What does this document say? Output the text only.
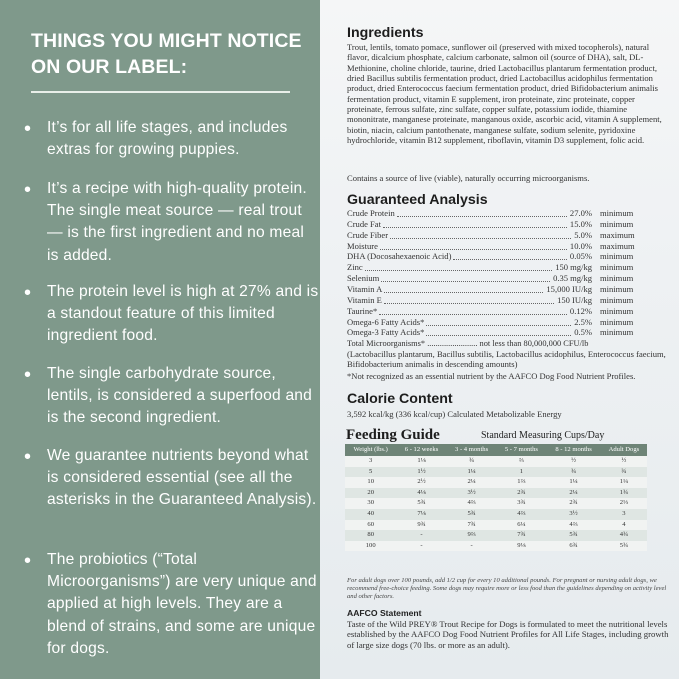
THINGS YOU MIGHT NOTICE ON OUR LABEL:
• It’s for all life stages, and includes extras for growing puppies.
• It’s a recipe with high-quality protein. The single meat source — real trout — is the first ingredient and no meal is added.
• The protein level is high at 27% and is a standout feature of this limited ingredient food.
• The single carbohydrate source, lentils, is considered a superfood and is the second ingredient.
• We guarantee nutrients beyond what is considered essential (see all the asterisks in the Guaranteed Analysis).
• The probiotics (“Total Microorganisms”) are very unique and applied at high levels. They are a blend of strains, and some are unique for dogs.
Ingredients
Trout, lentils, tomato pomace, sunflower oil (preserved with mixed tocopherols), natural flavor, dicalcium phosphate, calcium carbonate, salmon oil (source of DHA), salt, DL-Methionine, choline chloride, taurine, dried Lactobacillus plantarum fermentation product, dried Bacillus subtilis fermentation product, dried Lactobacillus acidophilus fermentation product, dried Enterococcus faecium fermentation product, dried Bifidobacterium animalis fermentation product, vitamin E supplement, iron proteinate, zinc proteinate, copper proteinate, ferrous sulfate, zinc sulfate, copper sulfate, potassium iodide, thiamine mononitrate, manganese proteinate, manganous oxide, ascorbic acid, vitamin A supplement, biotin, niacin, calcium pantothenate, manganese sulfate, sodium selenite, pyridoxine hydrochloride, vitamin B12 supplement, riboflavin, vitamin D3 supplement, folic acid.
Contains a source of live (viable), naturally occurring microorganisms.
Guaranteed Analysis
Total Microorganisms* ........................ not less than 80,000,000 CFU/lb
(Lactobacillus plantarum, Bacillus subtilis, Lactobacillus acidophilus, Enterococcus faecium, Bifidobacterium animalis in descending amounts)
*Not recognized as an essential nutrient by the AAFCO Dog Food Nutrient Profiles.
Calorie Content
3,592 kcal/kg (336 kcal/cup) Calculated Metabolizable Energy
Feeding Guide	Standard Measuring Cups/Day
Weight (lbs.)	6 - 12 weeks	3 - 4 months	5 - 7 months	8 - 12 months	Adult Dogs
3	1⅛	¾	⅔	½	½
5	1½	1¼	1	¾	¾
10	2½	2¼	1⅔	1¼	1¼
20	4⅛	3½	2¾	2¼	1¾
30	5¾	4⅔	3¾	2¾	2⅓
40	7⅛	5¾	4⅔	3½	3
60	9¾	7¾	6¼	4⅔	4
80	-	9⅔	7¾	5¾	4¾
100	-	-	9⅛	6¾	5¾
For adult dogs over 100 pounds, add 1/2 cup for every 10 additional pounds. For pregnant or nursing adult dogs, we recommend free-choice feeding. Some dogs may require more or less food than the guidelines depending on activity level and other factors.
AAFCO Statement
Taste of the Wild PREY® Trout Recipe for Dogs is formulated to meet the nutritional levels established by the AAFCO Dog Food Nutrient Profiles for All Life Stages, including growth of large size dogs (70 lbs. or more as an adult).
Crude Protein	27.0% minimum
Crude Fat	15.0% minimum
Crude Fiber	5.0% maximum
Moisture	10.0% maximum
DHA (Docosahexaenoic Acid)	0.05% minimum
Zinc	150 mg/kg minimum
Selenium	0.35 mg/kg minimum
Vitamin A	15,000 IU/kg minimum
Vitamin E	150 IU/kg minimum
Taurine*	0.12% minimum
Omega-6 Fatty Acids*	2.5% minimum
Omega-3 Fatty Acids*	0.5% minimum
